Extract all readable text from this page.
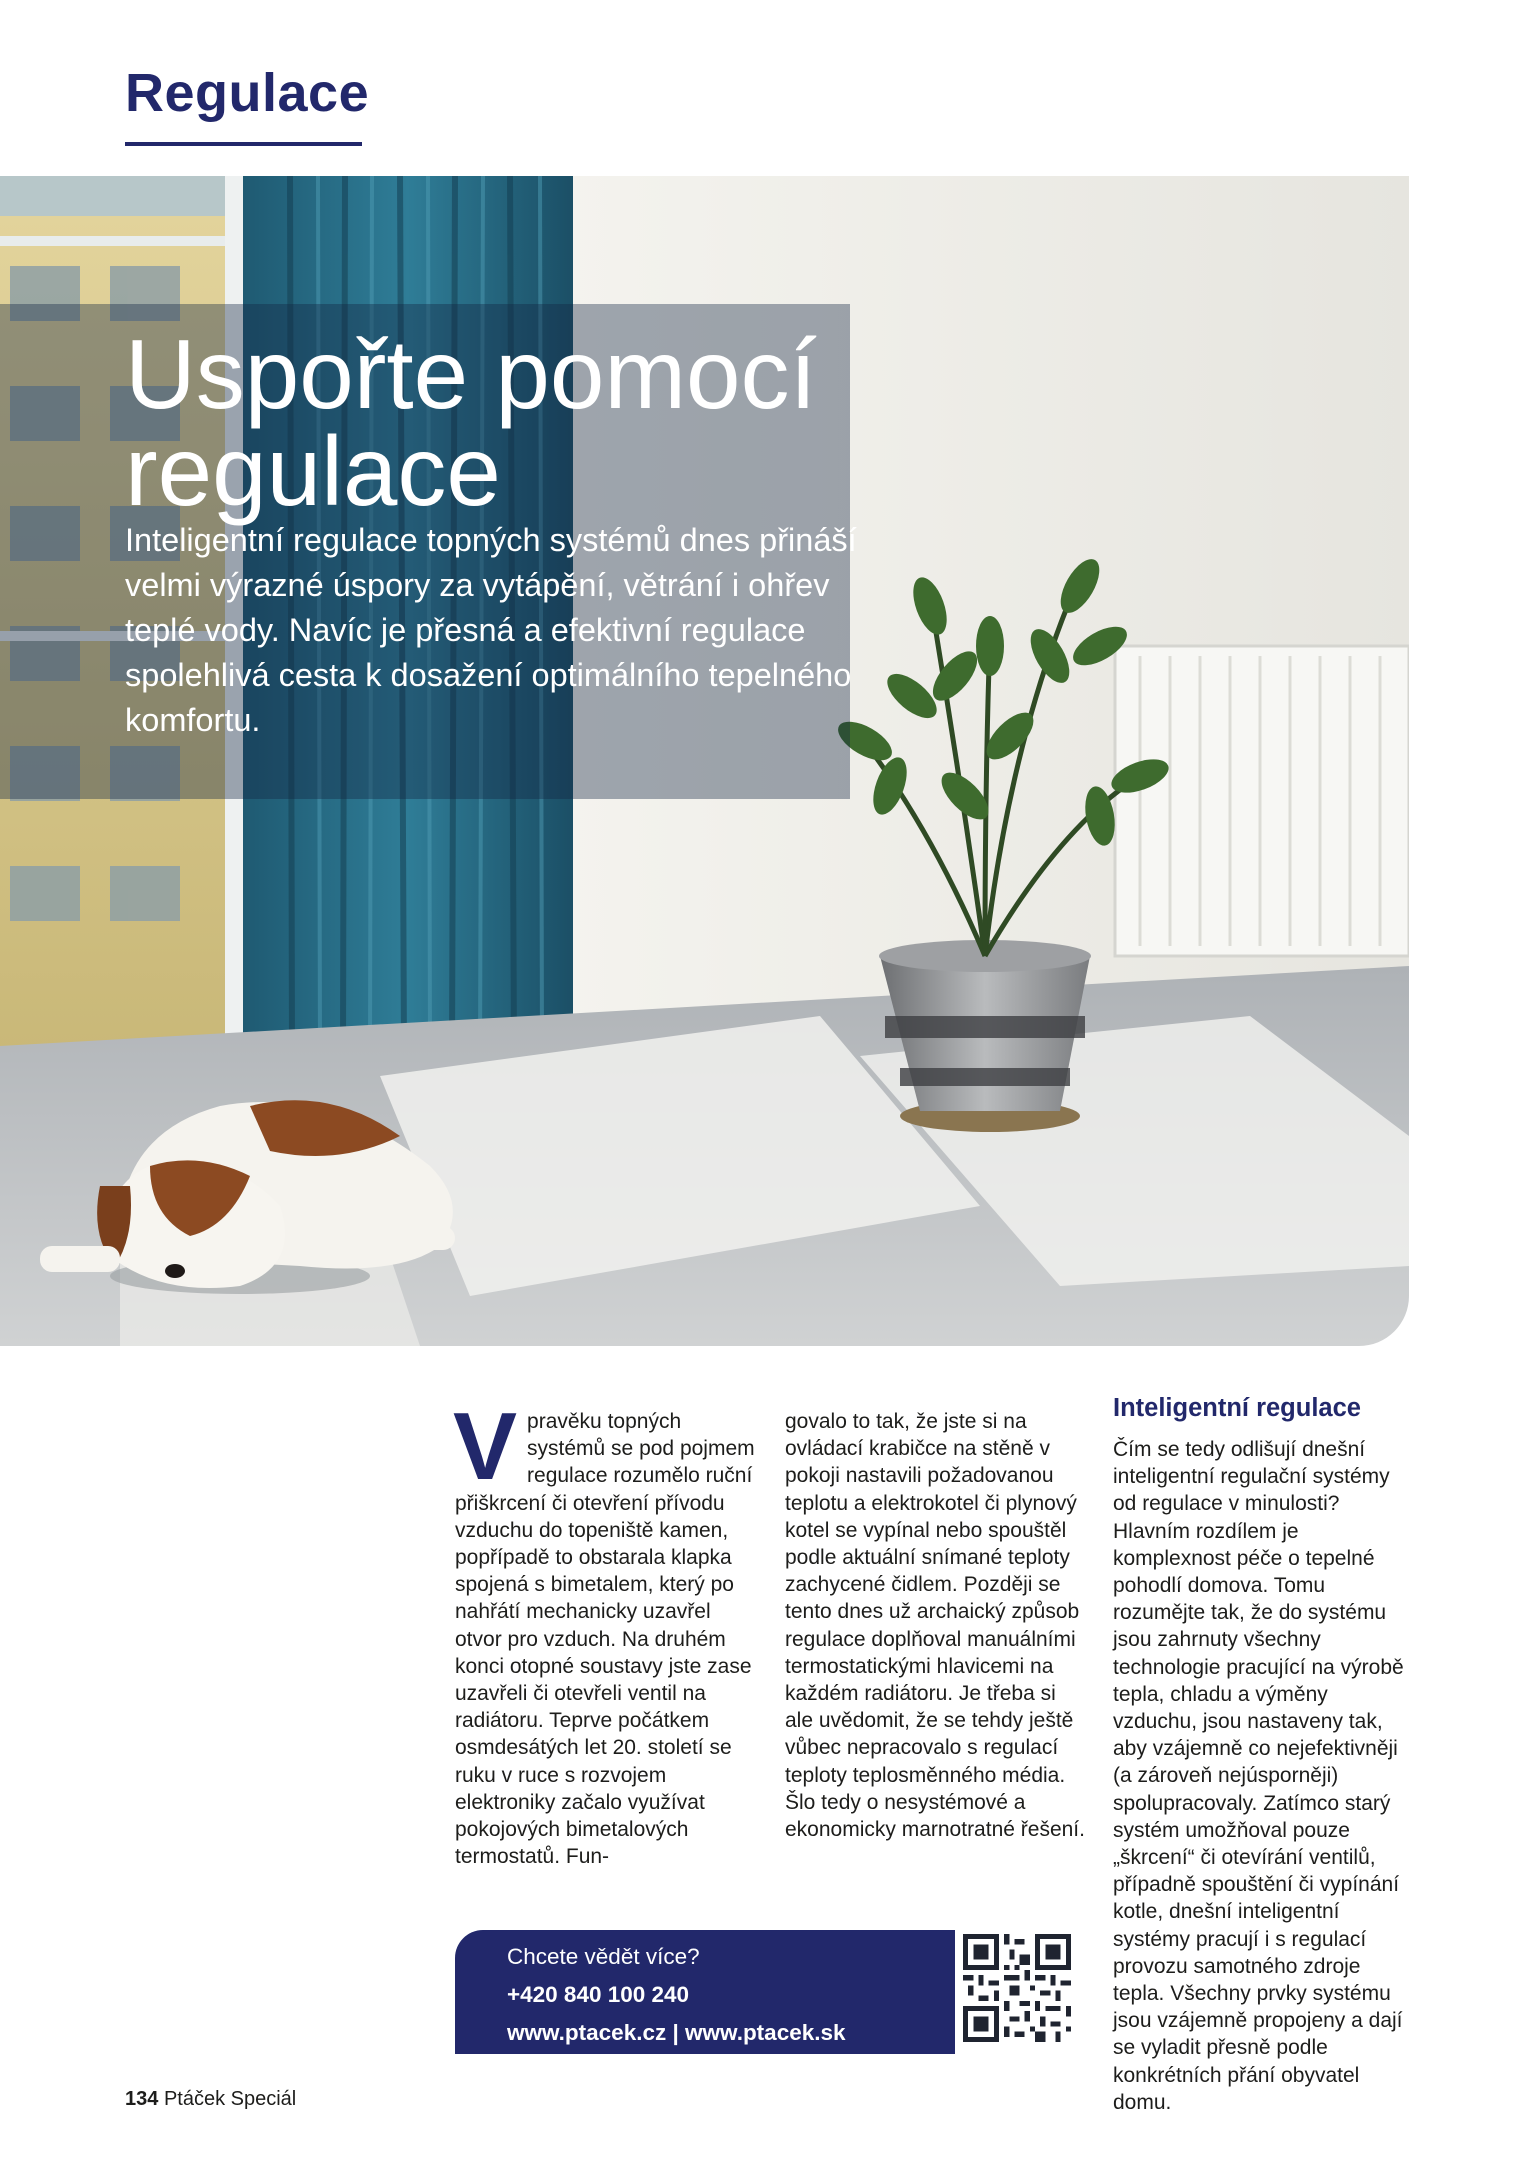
Regulace
Uspořte pomocí
regulace

Inteligentní regulace topných systémů dnes přináší velmi výrazné úspory za vytápění, větrání i ohřev teplé vody. Navíc je přesná a efektivní regulace spolehlivá cesta k dosažení optimálního tepelného komfortu.

Vpravěku topných systémů se pod pojmem regulace rozumělo ruční přiškrcení či otevření přívodu vzduchu do topeniště kamen, popřípadě to obstarala klapka spojená s bimetalem, který po nahřátí mechanicky uzavřel otvor pro vzduch. Na druhém konci otopné soustavy jste zase uzavřeli či otevřeli ventil na radiátoru. Teprve počátkem osmdesátých let 20. století se ruku v ruce s rozvojem elektroniky začalo využívat pokojových bimetalových termostatů. Fun-

govalo to tak, že jste si na ovládací krabičce na stěně v pokoji nastavili požadovanou teplotu a elektrokotel či plynový kotel se vypínal nebo spouštěl podle aktuální snímané teploty zachycené čidlem. Později se tento dnes už archaický způsob regulace doplňoval manuálními termostatickými hlavicemi na každém radiátoru. Je třeba si ale uvědomit, že se tehdy ještě vůbec nepracovalo s regulací teploty teplosměnného média. Šlo tedy o nesystémové a ekonomicky marnotratné řešení.

Inteligentní regulace

Čím se tedy odlišují dnešní inteligentní regulační systémy od regulace v minulosti? Hlavním rozdílem je komplexnost péče o tepelné pohodlí domova. Tomu rozumějte tak, že do systému jsou zahrnuty všechny technologie pracující na výrobě tepla, chladu a výměny vzduchu, jsou nastaveny tak, aby vzájemně co nejefektivněji (a zároveň nejúsporněji) spolupracovaly. Zatímco starý systém umožňoval pouze „škrcení“ či otevírání ventilů, případně spouštění či vypínání kotle, dnešní inteligentní systémy pracují i s regulací provozu samotného zdroje tepla. Všechny prvky systému jsou vzájemně propojeny a dají se vyladit přesně podle konkrétních přání obyvatel domu.

Chcete vědět více?
+420 840 100 240
www.ptacek.cz | www.ptacek.sk

134 Ptáček Speciál
